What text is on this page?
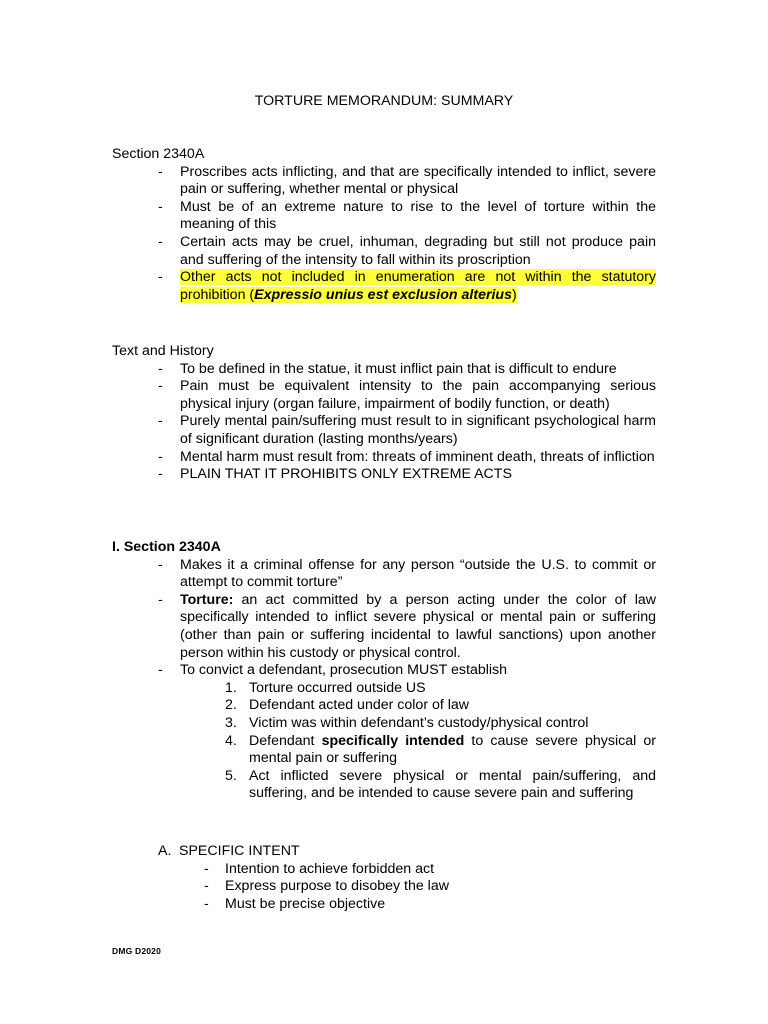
TORTURE MEMORANDUM: SUMMARY
Section 2340A
- Proscribes acts inflicting, and that are specifically intended to inflict, severe pain or suffering, whether mental or physical
- Must be of an extreme nature to rise to the level of torture within the meaning of this
- Certain acts may be cruel, inhuman, degrading but still not produce pain and suffering of the intensity to fall within its proscription
- Other acts not included in enumeration are not within the statutory prohibition (Expressio unius est exclusion alterius)
Text and History
- To be defined in the statue, it must inflict pain that is difficult to endure
- Pain must be equivalent intensity to the pain accompanying serious physical injury (organ failure, impairment of bodily function, or death)
- Purely mental pain/suffering must result to in significant psychological harm of significant duration (lasting months/years)
- Mental harm must result from: threats of imminent death, threats of infliction
- PLAIN THAT IT PROHIBITS ONLY EXTREME ACTS
I. Section 2340A
- Makes it a criminal offense for any person “outside the U.S. to commit or attempt to commit torture”
- Torture: an act committed by a person acting under the color of law specifically intended to inflict severe physical or mental pain or suffering (other than pain or suffering incidental to lawful sanctions) upon another person within his custody or physical control.
- To convict a defendant, prosecution MUST establish
1. Torture occurred outside US
2. Defendant acted under color of law
3. Victim was within defendant’s custody/physical control
4. Defendant specifically intended to cause severe physical or mental pain or suffering
5. Act inflicted severe physical or mental pain/suffering, and suffering, and be intended to cause severe pain and suffering
A. SPECIFIC INTENT
- Intention to achieve forbidden act
- Express purpose to disobey the law
- Must be precise objective
DMG D2020
